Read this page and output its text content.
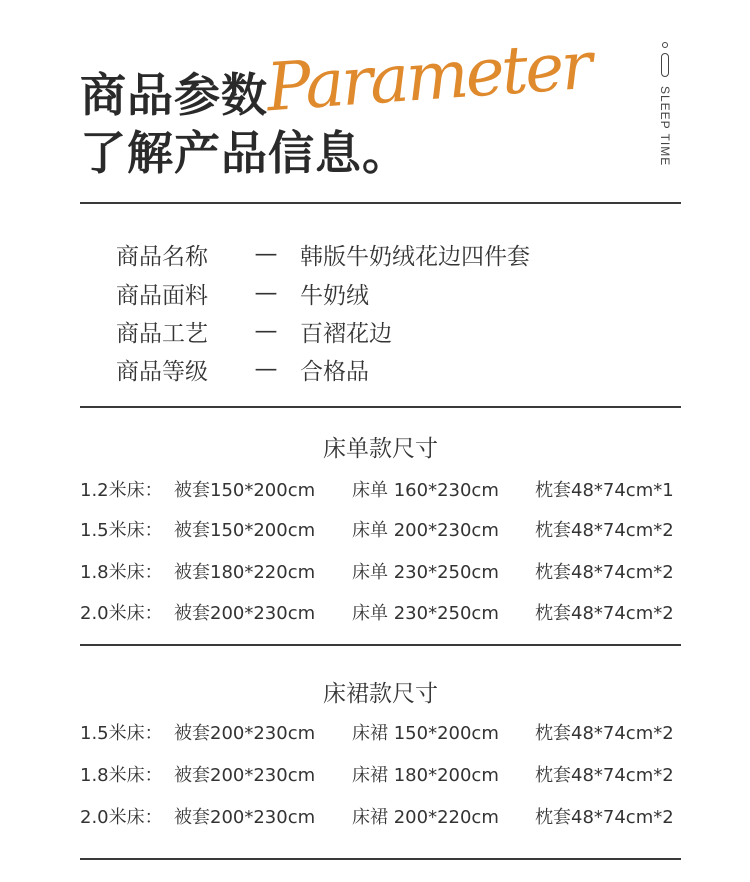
商品参数
了解产品信息。
Parameter	SLEEP TIME
商品名称	— 韩版牛奶绒花边四件套
商品面料	— 牛奶绒
商品工艺	— 百褶花边
商品等级	— 合格品
床单款尺寸
1.2米床： 被套150*200cm 床单 160*230cm 枕套48*74cm*1
1.5米床： 被套150*200cm 床单 200*230cm 枕套48*74cm*2
1.8米床： 被套180*220cm 床单 230*250cm 枕套48*74cm*2
2.0米床： 被套200*230cm 床单 230*250cm 枕套48*74cm*2
床裙款尺寸
1.5米床： 被套200*230cm 床裙 150*200cm 枕套48*74cm*2
1.8米床： 被套200*230cm 床裙 180*200cm 枕套48*74cm*2
2.0米床： 被套200*230cm 床裙 200*220cm 枕套48*74cm*2
